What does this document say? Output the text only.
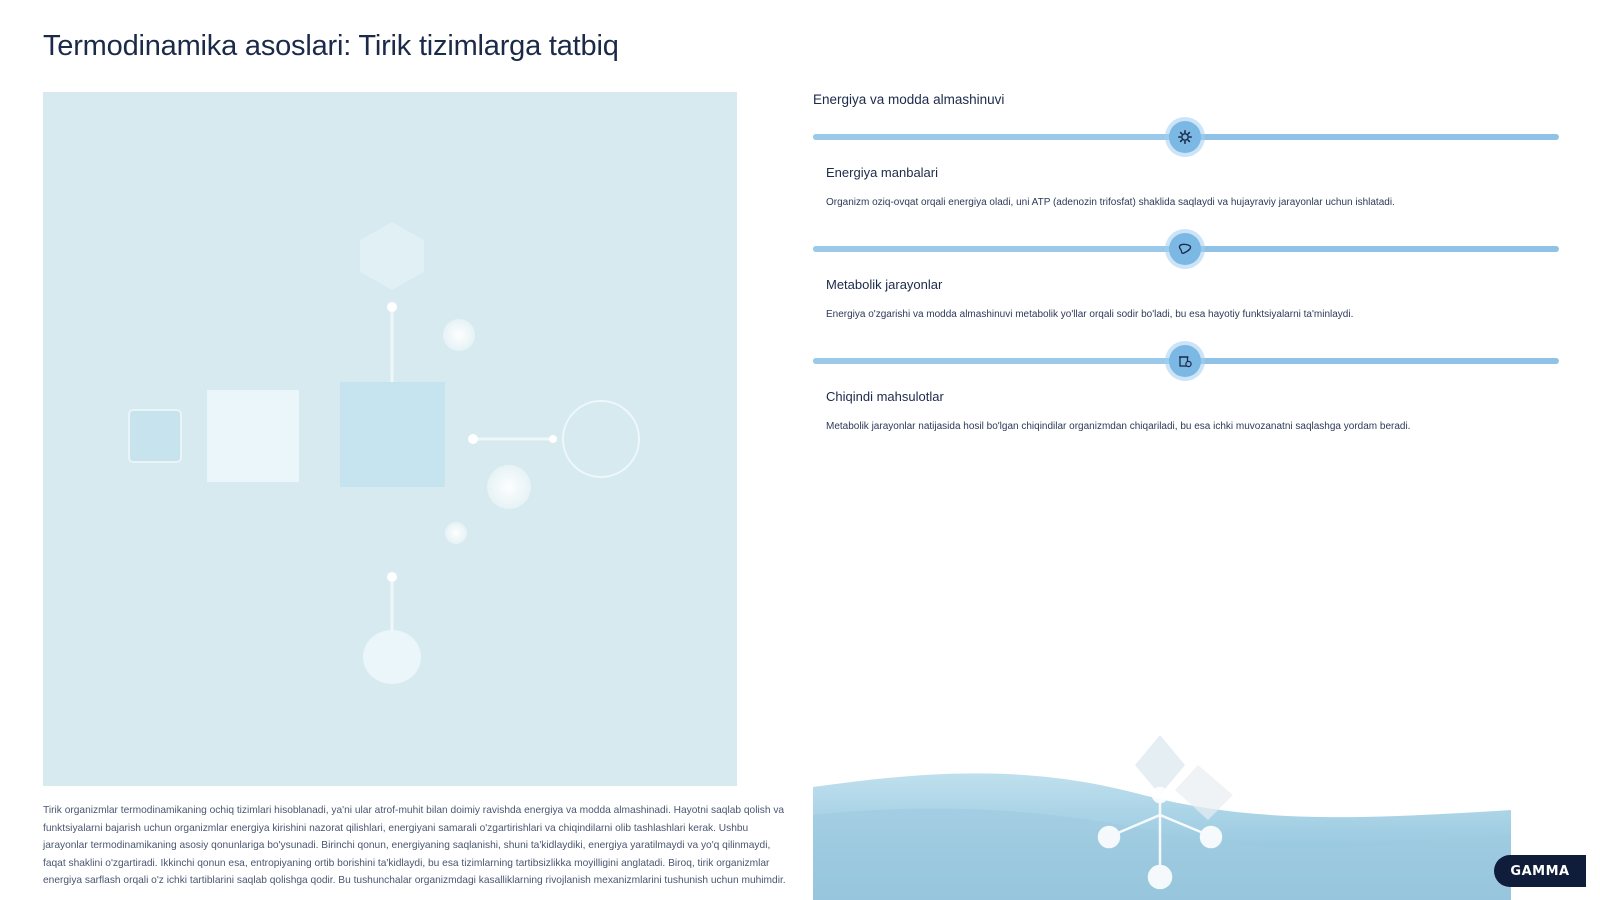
Termodinamika asoslari: Tirik tizimlarga tatbiq

Tirik organizmlar termodinamikaning ochiq tizimlari hisoblanadi, ya'ni ular atrof-muhit bilan doimiy ravishda energiya va modda almashinadi. Hayotni saqlab qolish va funktsiyalarni bajarish uchun organizmlar energiya kirishini nazorat qilishlari, energiyani samarali o'zgartirishlari va chiqindilarni olib tashlashlari kerak. Ushbu jarayonlar termodinamikaning asosiy qonunlariga bo'ysunadi. Birinchi qonun, energiyaning saqlanishi, shuni ta'kidlaydiki, energiya yaratilmaydi va yo'q qilinmaydi, faqat shaklini o'zgartiradi. Ikkinchi qonun esa, entropiyaning ortib borishini ta'kidlaydi, bu esa tizimlarning tartibsizlikka moyilligini anglatadi. Biroq, tirik organizmlar energiya sarflash orqali o'z ichki tartiblarini saqlab qolishga qodir. Bu tushunchalar organizmdagi kasalliklarning rivojlanish mexanizmlarini tushunish uchun muhimdir.

Energiya va modda almashinuvi
Energiya manbalari
Organizm oziq-ovqat orqali energiya oladi, uni ATP (adenozin trifosfat) shaklida saqlaydi va hujayraviy jarayonlar uchun ishlatadi.
Metabolik jarayonlar
Energiya o'zgarishi va modda almashinuvi metabolik yo'llar orqali sodir bo'ladi, bu esa hayotiy funktsiyalarni ta'minlaydi.
Chiqindi mahsulotlar
Metabolik jarayonlar natijasida hosil bo'lgan chiqindilar organizmdan chiqariladi, bu esa ichki muvozanatni saqlashga yordam beradi.
GAMMA
